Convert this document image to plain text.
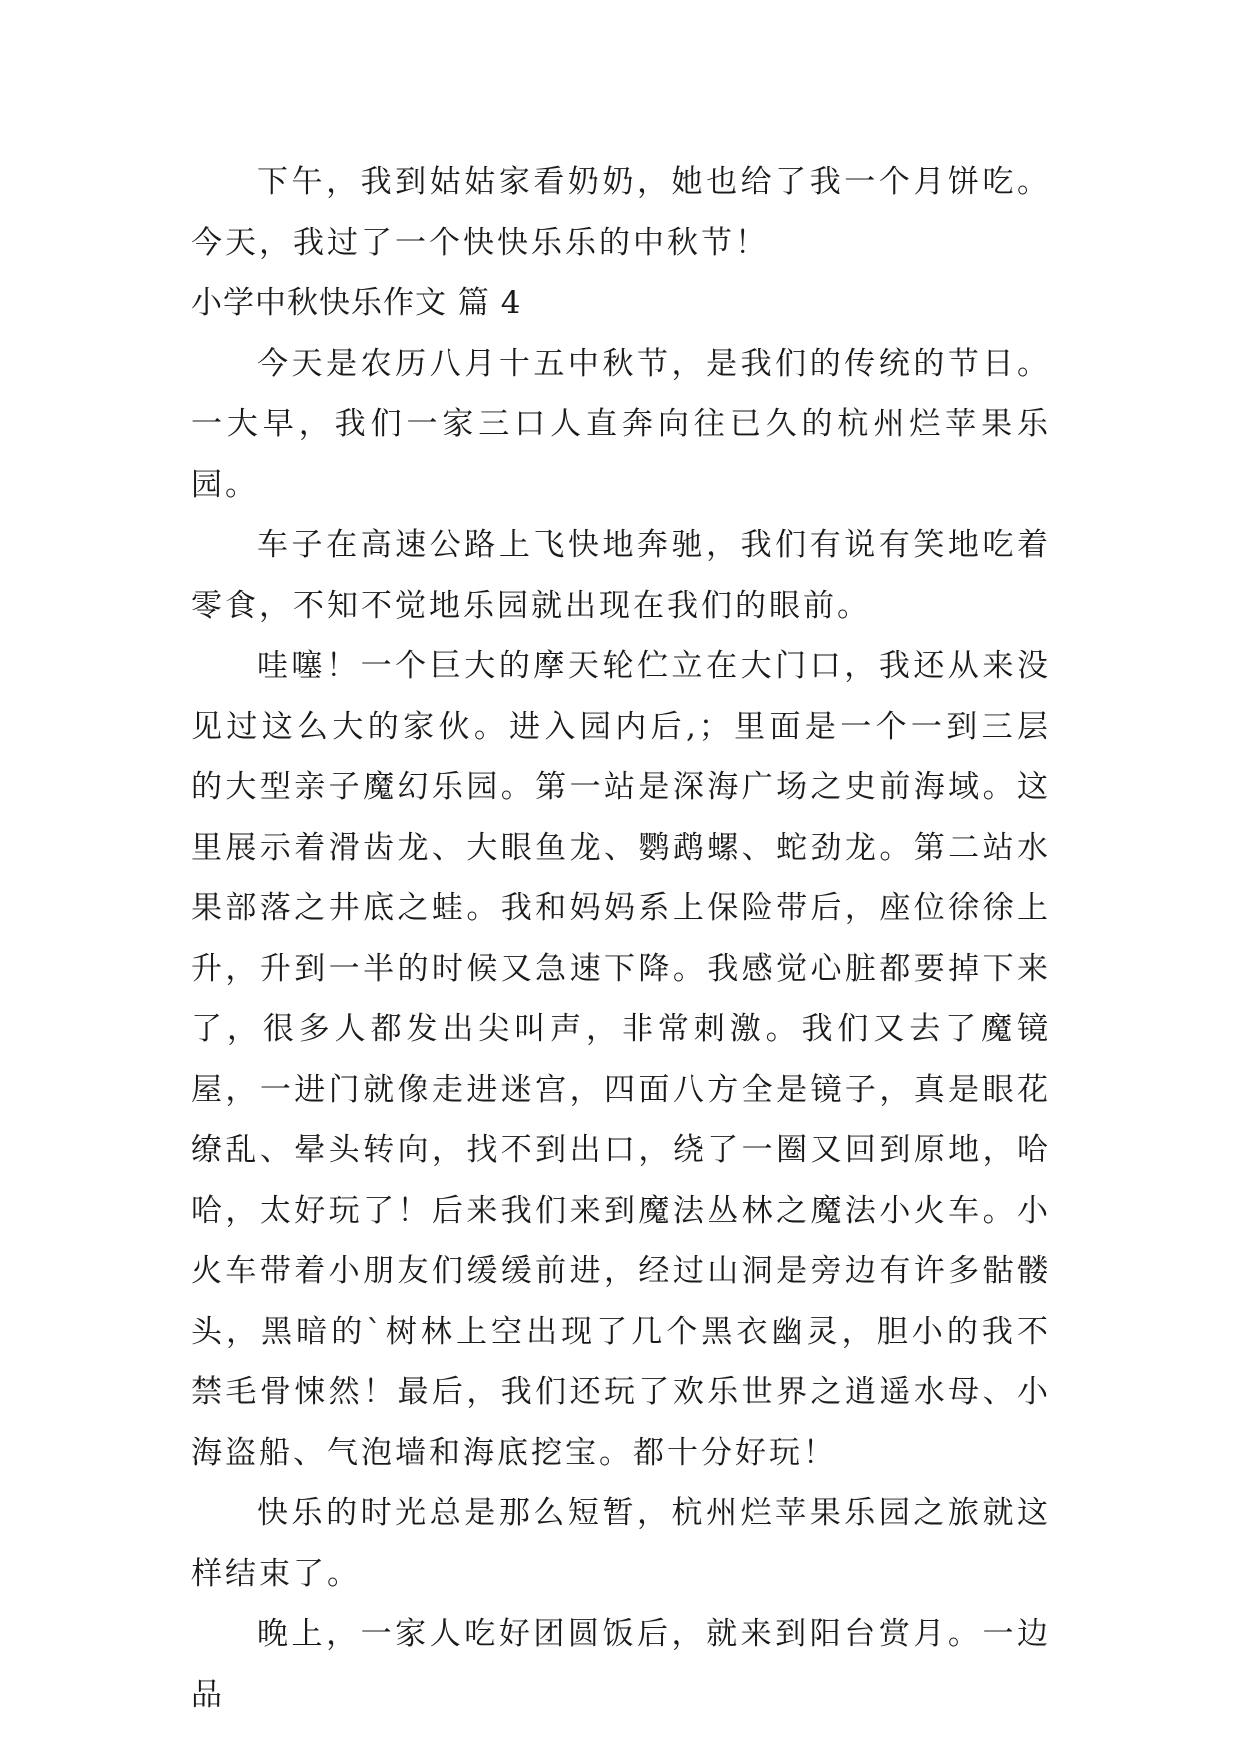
下午，我到姑姑家看奶奶，她也给了我一个月饼吃。今天，我过了一个快快乐乐的中秋节！

小学中秋快乐作文 篇 4

今天是农历八月十五中秋节，是我们的传统的节日。一大早，我们一家三口人直奔向往已久的杭州烂苹果乐园。

车子在高速公路上飞快地奔驰，我们有说有笑地吃着零食，不知不觉地乐园就出现在我们的眼前。

哇噻！一个巨大的摩天轮伫立在大门口，我还从来没见过这么大的家伙。进入园内后,；里面是一个一到三层的大型亲子魔幻乐园。第一站是深海广场之史前海域。这里展示着滑齿龙、大眼鱼龙、鹦鹉螺、蛇劲龙。第二站水果部落之井底之蛙。我和妈妈系上保险带后，座位徐徐上升，升到一半的时候又急速下降。我感觉心脏都要掉下来了，很多人都发出尖叫声，非常刺激。我们又去了魔镜屋，一进门就像走进迷宫，四面八方全是镜子，真是眼花缭乱、晕头转向，找不到出口，绕了一圈又回到原地，哈哈，太好玩了！后来我们来到魔法丛林之魔法小火车。小火车带着小朋友们缓缓前进，经过山洞是旁边有许多骷髅头，黑暗的`树林上空出现了几个黑衣幽灵，胆小的我不禁毛骨悚然！最后，我们还玩了欢乐世界之逍遥水母、小海盗船、气泡墙和海底挖宝。都十分好玩！

快乐的时光总是那么短暂，杭州烂苹果乐园之旅就这样结束了。

晚上，一家人吃好团圆饭后，就来到阳台赏月。一边品
